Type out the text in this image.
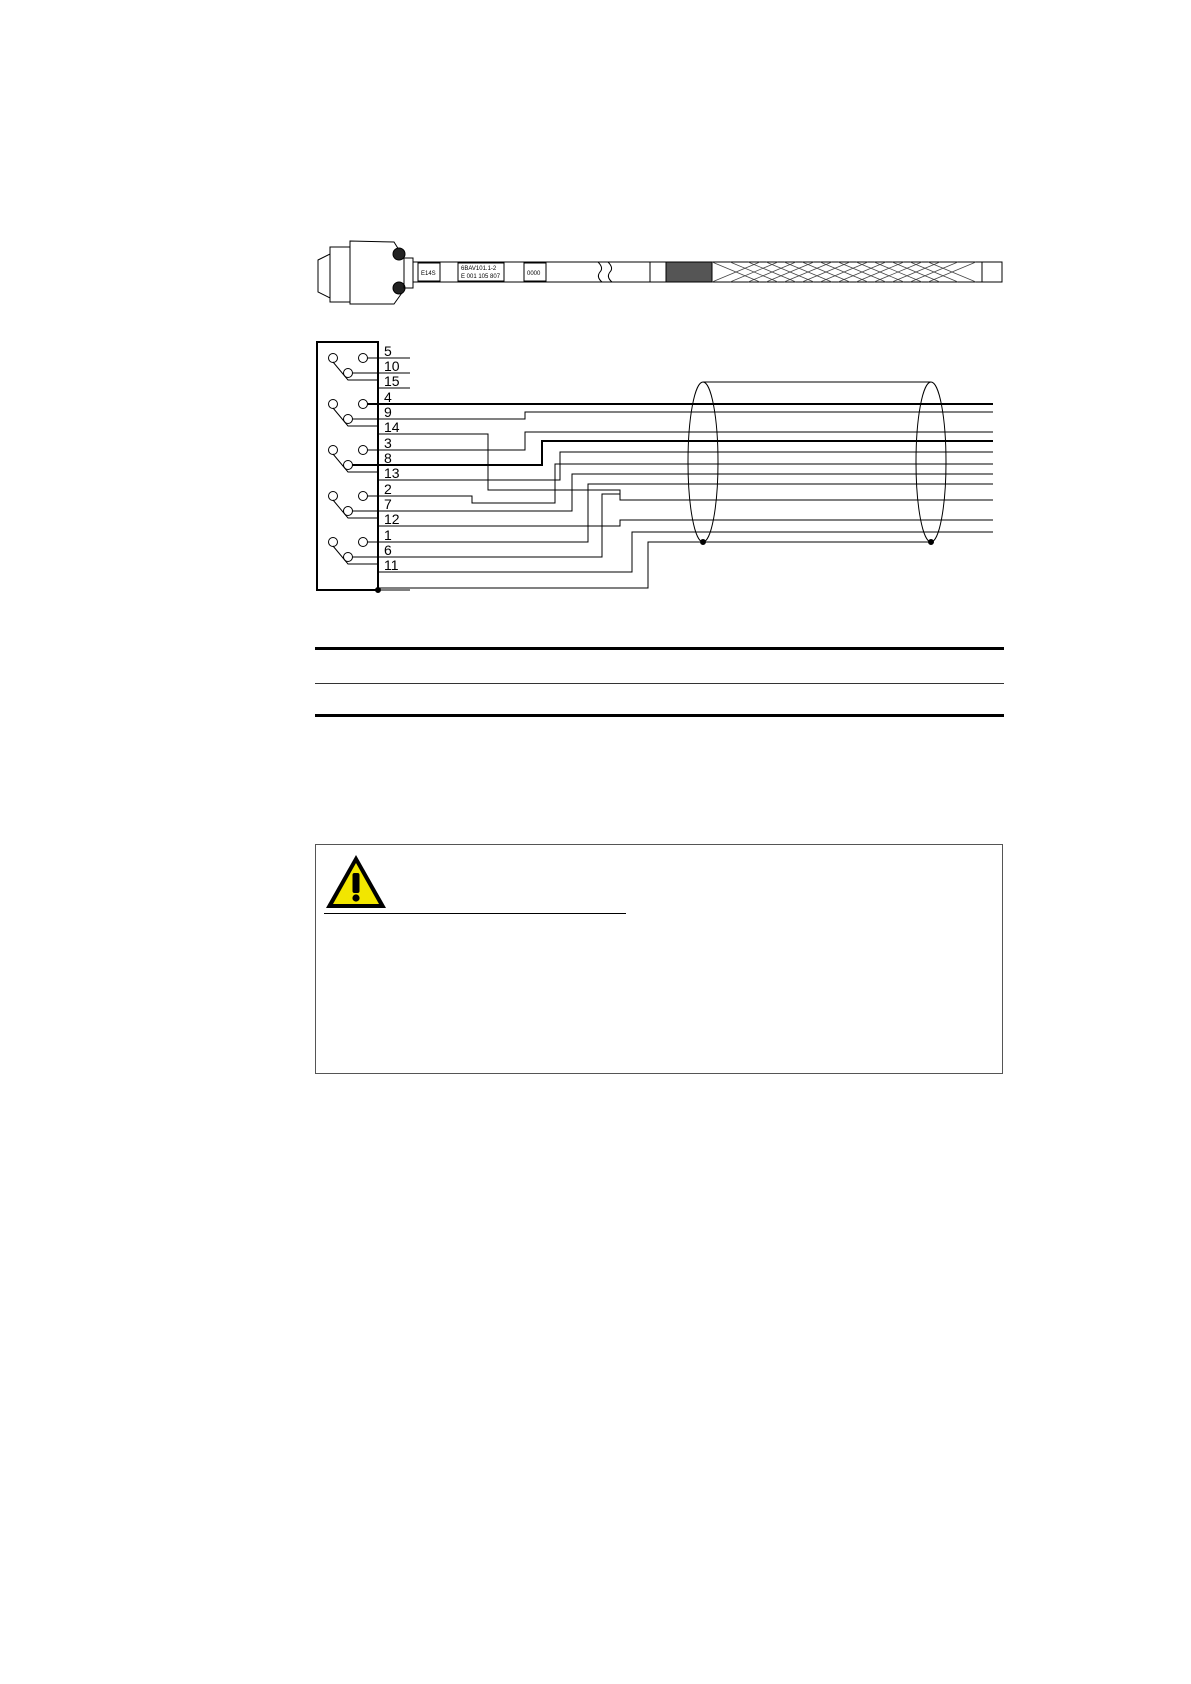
E14S
6BAV101.1-2
E 001 105 807	0000
5
10
15
4
9
14
3
8
13
2
7
12
1
6
11
